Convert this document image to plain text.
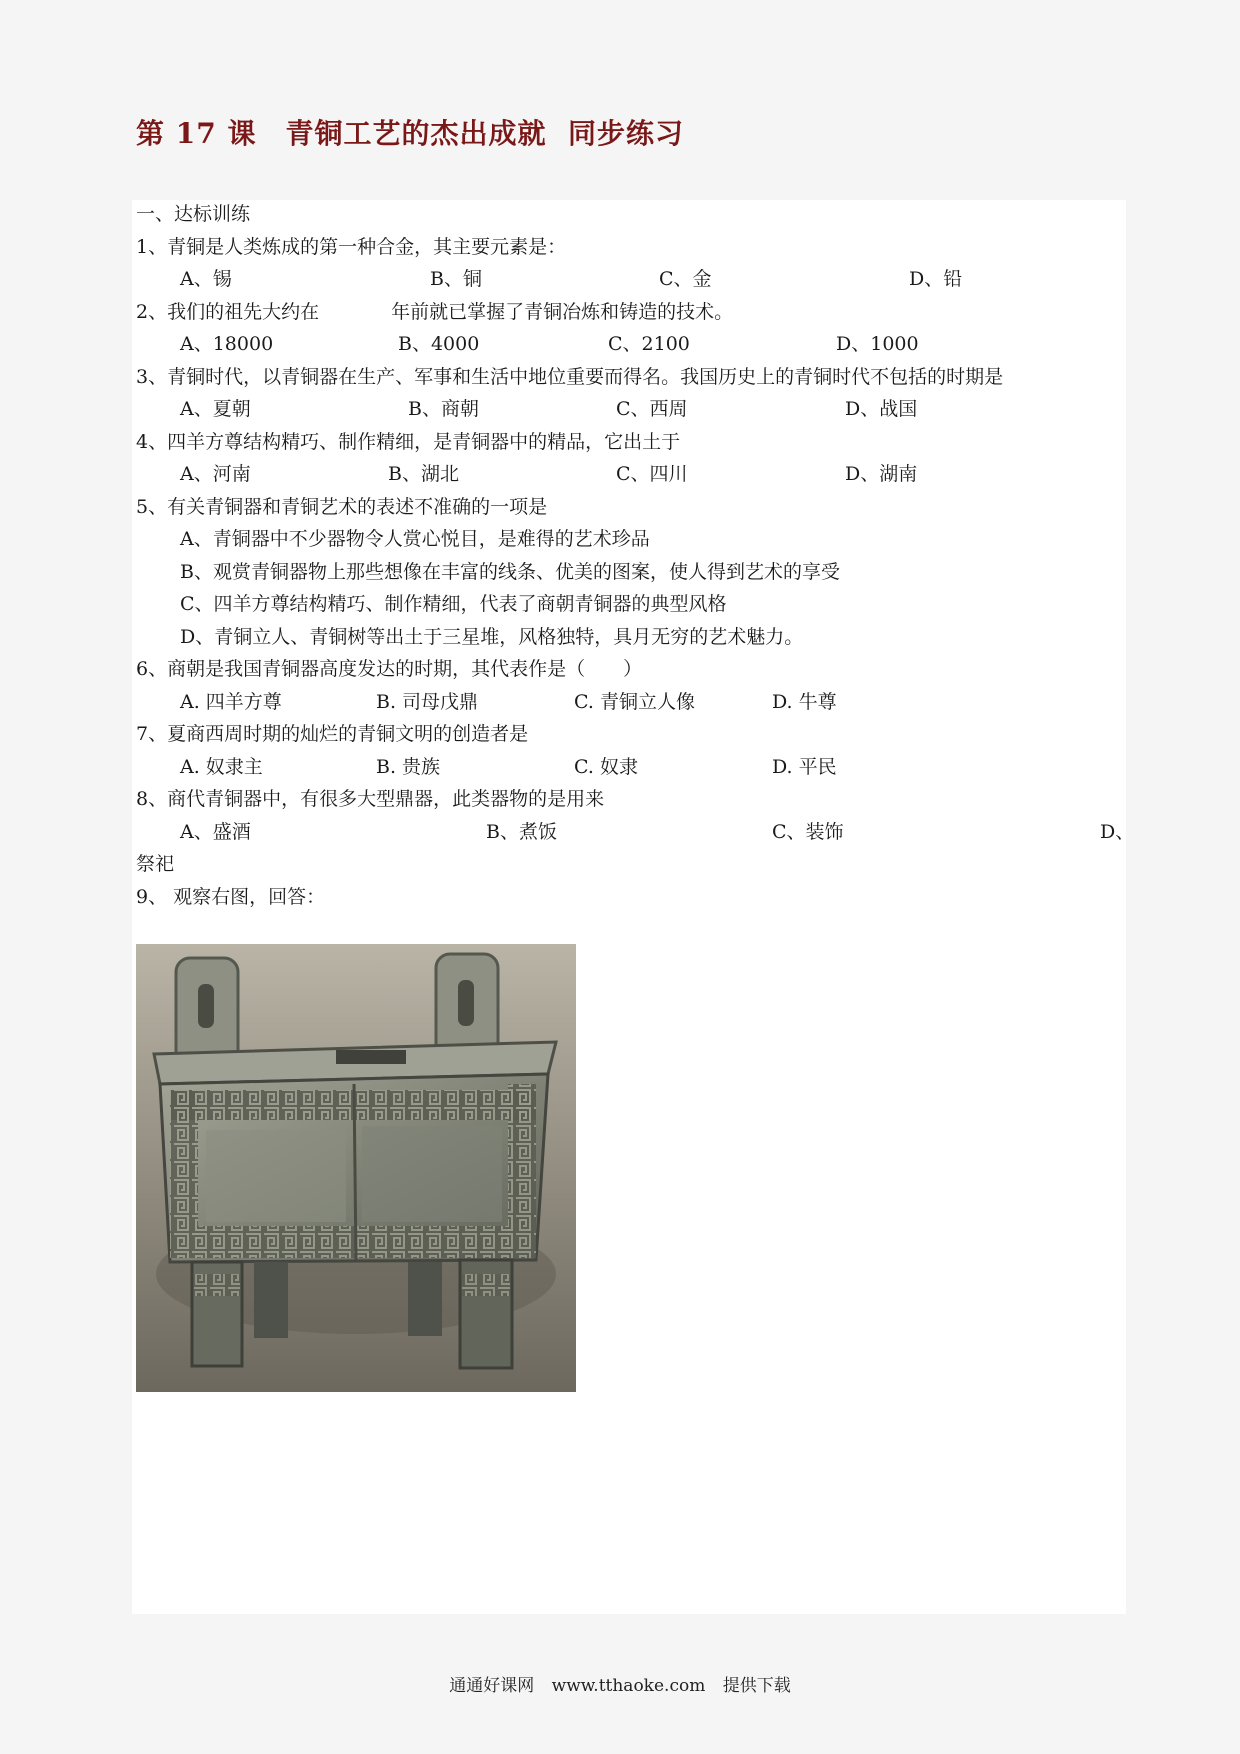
第 17 课　青铜工艺的杰出成就  同步练习
一、达标训练
1、青铜是人类炼成的第一种合金，其主要元素是：
A、锡	B、铜	C、金	D、铅
2、我们的祖先大约在	年前就已掌握了青铜冶炼和铸造的技术。
A、18000	B、4000	C、2100	D、1000
3、青铜时代，以青铜器在生产、军事和生活中地位重要而得名。我国历史上的青铜时代不包括的时期是
A、夏朝	B、商朝	C、西周	D、战国
4、四羊方尊结构精巧、制作精细，是青铜器中的精品，它出土于
A、河南	B、湖北	C、四川	D、湖南
5、有关青铜器和青铜艺术的表述不准确的一项是
A、青铜器中不少器物令人赏心悦目，是难得的艺术珍品
B、观赏青铜器物上那些想像在丰富的线条、优美的图案，使人得到艺术的享受
C、四羊方尊结构精巧、制作精细，代表了商朝青铜器的典型风格
D、青铜立人、青铜树等出土于三星堆，风格独特，具月无穷的艺术魅力。
6、商朝是我国青铜器高度发达的时期，其代表作是（ ）
A. 四羊方尊	B. 司母戊鼎	C. 青铜立人像	D. 牛尊
7、夏商西周时期的灿烂的青铜文明的创造者是
A. 奴隶主	B. 贵族	C. 奴隶	D. 平民
8、商代青铜器中，有很多大型鼎器，此类器物的是用来
A、盛酒	B、煮饭	C、装饰	D、
祭祀
9、 观察右图，回答：
通通好课网 www.tthaoke.com 提供下载
